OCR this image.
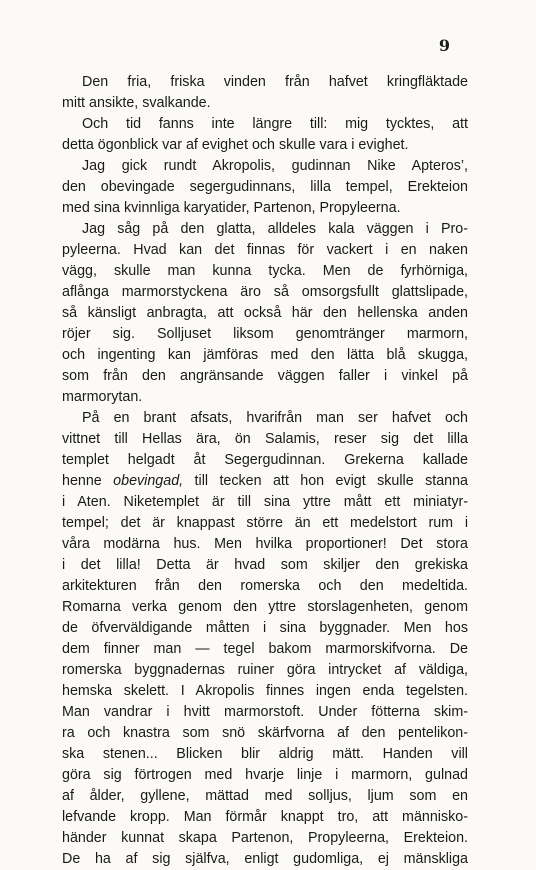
9
Den fria, friska vinden från hafvet kringfläktade
mitt ansikte, svalkande.
Och tid fanns inte längre till: mig tycktes, att
detta ögonblick var af evighet och skulle vara i evighet.
Jag gick rundt Akropolis, gudinnan Nike Apteros’,
den obevingade segergudinnans, lilla tempel, Erekteion
med sina kvinnliga karyatider, Partenon, Propyleerna.
Jag såg på den glatta, alldeles kala väggen i Pro-
pyleerna. Hvad kan det finnas för vackert i en naken
vägg, skulle man kunna tycka. Men de fyrhörniga,
aflånga marmorstyckena äro så omsorgsfullt glattslipade,
så känsligt anbragta, att också här den hellenska anden
röjer sig. Solljuset liksom genomtränger marmorn,
och ingenting kan jämföras med den lätta blå skugga,
som från den angränsande väggen faller i vinkel på
marmorytan.
På en brant afsats, hvarifrån man ser hafvet och
vittnet till Hellas ära, ön Salamis, reser sig det lilla
templet helgadt åt Segergudinnan. Grekerna kallade
henne obevingad, till tecken att hon evigt skulle stanna
i Aten. Niketemplet är till sina yttre mått ett miniatyr-
tempel; det är knappast större än ett medelstort rum i
våra modärna hus. Men hvilka proportioner! Det stora
i det lilla! Detta är hvad som skiljer den grekiska
arkitekturen från den romerska och den medeltida.
Romarna verka genom den yttre storslagenheten, genom
de öfverväldigande måtten i sina byggnader. Men hos
dem finner man — tegel bakom marmorskifvorna. De
romerska byggnadernas ruiner göra intrycket af väldiga,
hemska skelett. I Akropolis finnes ingen enda tegelsten.
Man vandrar i hvitt marmorstoft. Under fötterna skim-
ra och knastra som snö skärfvorna af den pentelikon-
ska stenen... Blicken blir aldrig mätt. Handen vill
göra sig förtrogen med hvarje linje i marmorn, gulnad
af ålder, gyllene, mättad med solljus, ljum som en
lefvande kropp. Man förmår knappt tro, att människo-
händer kunnat skapa Partenon, Propyleerna, Erekteion.
De ha af sig själfva, enligt gudomliga, ej mänskliga
